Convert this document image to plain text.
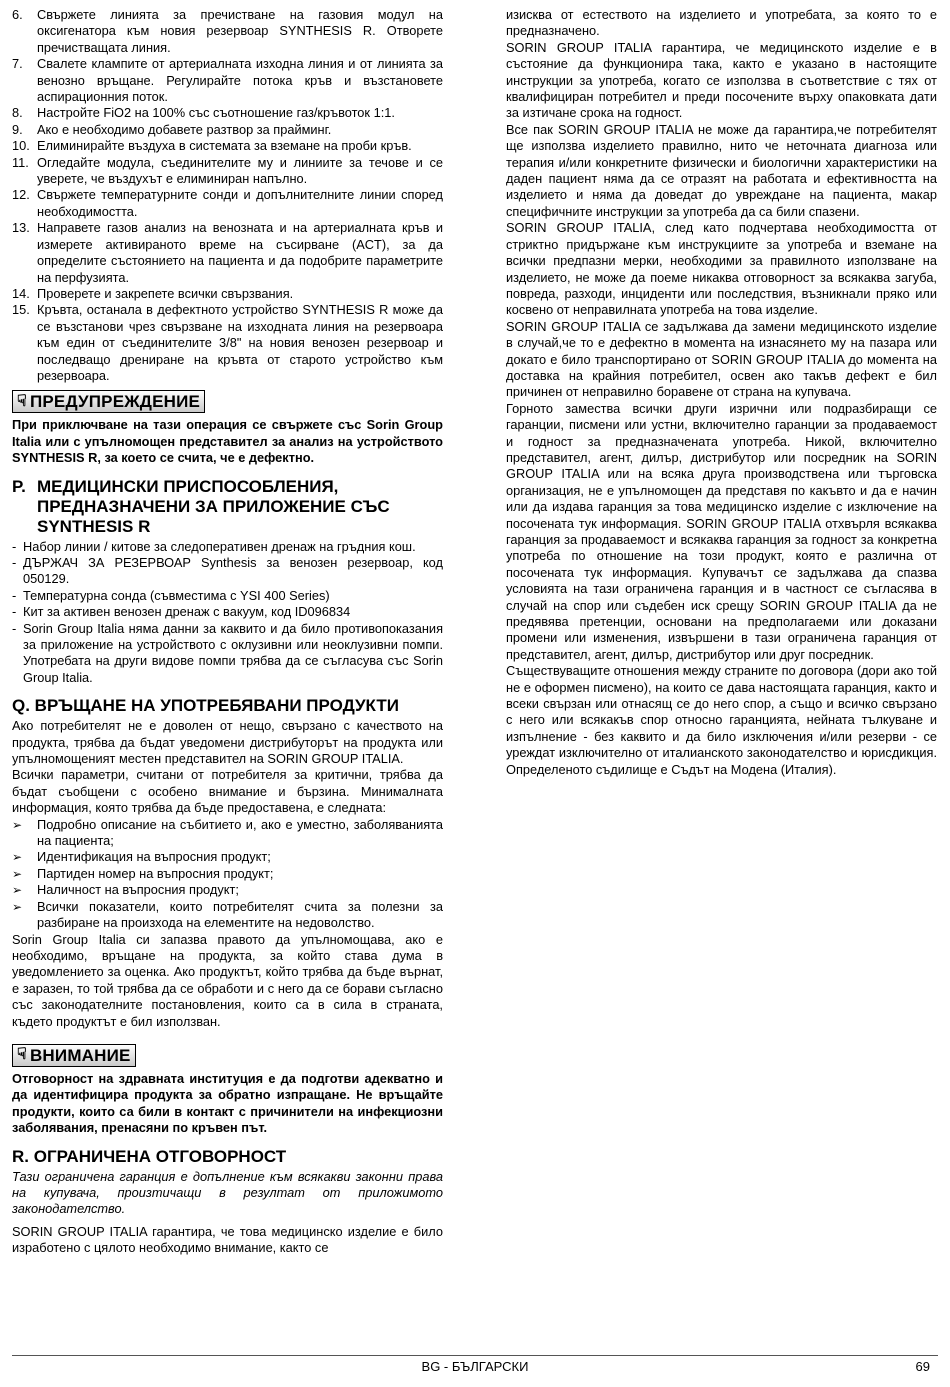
6. Свържете линията за пречистване на газовия модул на оксигенатора към новия резервоар SYNTHESIS R. Отворете пречистващата линия.
7. Свалете клампите от артериалната изходна линия и от линията за венозно връщане. Регулирайте потока кръв и възстановете аспирационния поток.
8. Настройте FiO2 на 100% със съотношение газ/кръвоток 1:1.
9. Ако е необходимо добавете разтвор за прайминг.
10. Елиминирайте въздуха в системата за вземане на проби кръв.
11. Огледайте модула, съединителите му и линиите за течове и се уверете, че въздухът е елиминиран напълно.
12. Свържете температурните сонди и допълнителните линии според необходимостта.
13. Направете газов анализ на венозната и на артериалната кръв и измерете активираното време на съсирване (ACT), за да определите състоянието на пациента и да подобрите параметрите на перфузията.
14. Проверете и закрепете всички свързвания.
15. Кръвта, останала в дефектното устройство SYNTHESIS R може да се възстанови чрез свързване на изходната линия на резервоара към един от съединителите 3/8" на новия венозен резервоар и последващо дрениране на кръвта от старото устройство към резервоара.
☟ ПРЕДУПРЕЖДЕНИЕ

При приключване на тази операция се свържете със Sorin Group Italia или с упълномощен представител за анализ на устройството SYNTHESIS R, за което се счита, че е дефектно.

P. МЕДИЦИНСКИ ПРИСПОСОБЛЕНИЯ, ПРЕДНАЗНАЧЕНИ ЗА ПРИЛОЖЕНИЕ СЪС SYNTHESIS R
- Набор линии / китове за следоперативен дренаж на гръдния кош.
- ДЪРЖАЧ ЗА РЕЗЕРВОАР Synthesis за венозен резервоар, код 050129.
- Температурна сонда (съвместима с YSI 400 Series)
- Кит за активен венозен дренаж с вакуум, код ID096834
- Sorin Group Italia няма данни за каквито и да било противопоказания за приложение на устройството с оклузивни или неоклузивни помпи. Употребата на други видове помпи трябва да се съгласува със Sorin Group Italia.
Q. ВРЪЩАНЕ НА УПОТРЕБЯВАНИ ПРОДУКТИ

Ако потребителят не е доволен от нещо, свързано с качеството на продукта, трябва да бъдат уведомени дистрибуторът на продукта или упълномощеният местен представител на SORIN GROUP ITALIA.

Всички параметри, считани от потребителя за критични, трябва да бъдат съобщени с особено внимание и бързина. Минималната информация, която трябва да бъде предоставена, е следната:

➢ Подробно описание на събитието и, ако е уместно, заболяванията на пациента;
➢ Идентификация на въпросния продукт;
➢ Партиден номер на въпросния продукт;
➢ Наличност на въпросния продукт;
➢ Всички показатели, които потребителят счита за полезни за разбиране на произхода на елементите на недоволство.

Sorin Group Italia си запазва правото да упълномощава, ако е необходимо, връщане на продукта, за който става дума в уведомлението за оценка. Ако продуктът, който трябва да бъде върнат, е заразен, то той трябва да се обработи и с него да се борави съгласно със законодателните постановления, които са в сила в страната, където продуктът е бил използван.

☟ ВНИМАНИЕ

Отговорност на здравната институция е да подготви адекватно и да идентифицира продукта за обратно изпращане. Не връщайте продукти, които са били в контакт с причинители на инфекциозни заболявания, пренасяни по кръвен път.

R. ОГРАНИЧЕНА ОТГОВОРНОСТ

Тази ограничена гаранция е допълнение към всякакви законни права на купувача, произтичащи в резултат от приложимото законодателство.

SORIN GROUP ITALIA гарантира, че това медицинско изделие е било изработено с цялото необходимо внимание, както се

изисква от естеството на изделието и употребата, за която то е предназначено.

SORIN GROUP ITALIA гарантира, че медицинското изделие е в състояние да функционира така, както е указано в настоящите инструкции за употреба, когато се използва в съответствие с тях от квалифициран потребител и преди посочените върху опаковката дати за изтичане срока на годност.

Все пак SORIN GROUP ITALIA не може да гарантира,че потребителят ще използва изделието правилно, нито че неточната диагноза или терапия и/или конкретните физически и биологични характеристики на даден пациент няма да се отразят на работата и ефективността на изделието и няма да доведат до увреждане на пациента, макар специфичните инструкции за употреба да са били спазени.

SORIN GROUP ITALIA, след като подчертава необходимостта от стриктно придържане към инструкциите за употреба и вземане на всички предпазни мерки, необходими за правилното използване на изделието, не може да поеме никаква отговорност за всякаква загуба, повреда, разходи, инциденти или последствия, възникнали пряко или косвено от неправилната употреба на това изделие.

SORIN GROUP ITALIA се задължава да замени медицинското изделие в случай,че то е дефектно в момента на изнасянето му на пазара или докато е било транспортирано от SORIN GROUP ITALIA до момента на доставка на крайния потребител, освен ако такъв дефект е бил причинен от неправилно боравене от страна на купувача.

Горното замества всички други изрични или подразбиращи се гаранции, писмени или устни, включително гаранции за продаваемост и годност за предназначената употреба. Никой, включително представител, агент, дилър, дистрибутор или посредник на SORIN GROUP ITALIA или на всяка друга производствена или търговска организация, не е упълномощен да представя по какъвто и да е начин или да издава гаранция за това медицинско изделие с изключение на посочената тук информация. SORIN GROUP ITALIA отхвърля всякаква гаранция за продаваемост и всякаква гаранция за годност за конкретна употреба по отношение на този продукт, която е различна от посочената тук информация. Купувачът се задължава да спазва условията на тази ограничена гаранция и в частност се съгласява в случай на спор или съдебен иск срещу SORIN GROUP ITALIA да не предявява претенции, основани на предполагаеми или доказани промени или изменения, извършени в тази ограничена гаранция от представител, агент, дилър, дистрибутор или друг посредник.

Съществуващите отношения между страните по договора (дори ако той не е оформен писмено), на които се дава настоящата гаранция, както и всеки свързан или отнасящ се до него спор, а също и всичко свързано с него или всякакъв спор относно гаранцията, нейната тълкуване и изпълнение - без каквито и да било изключения и/или резерви - се уреждат изключително от италианското законодателство и юрисдикция. Определеното съдилище е Съдът на Модена (Италия).

BG - БЪЛГАРСКИ	69
